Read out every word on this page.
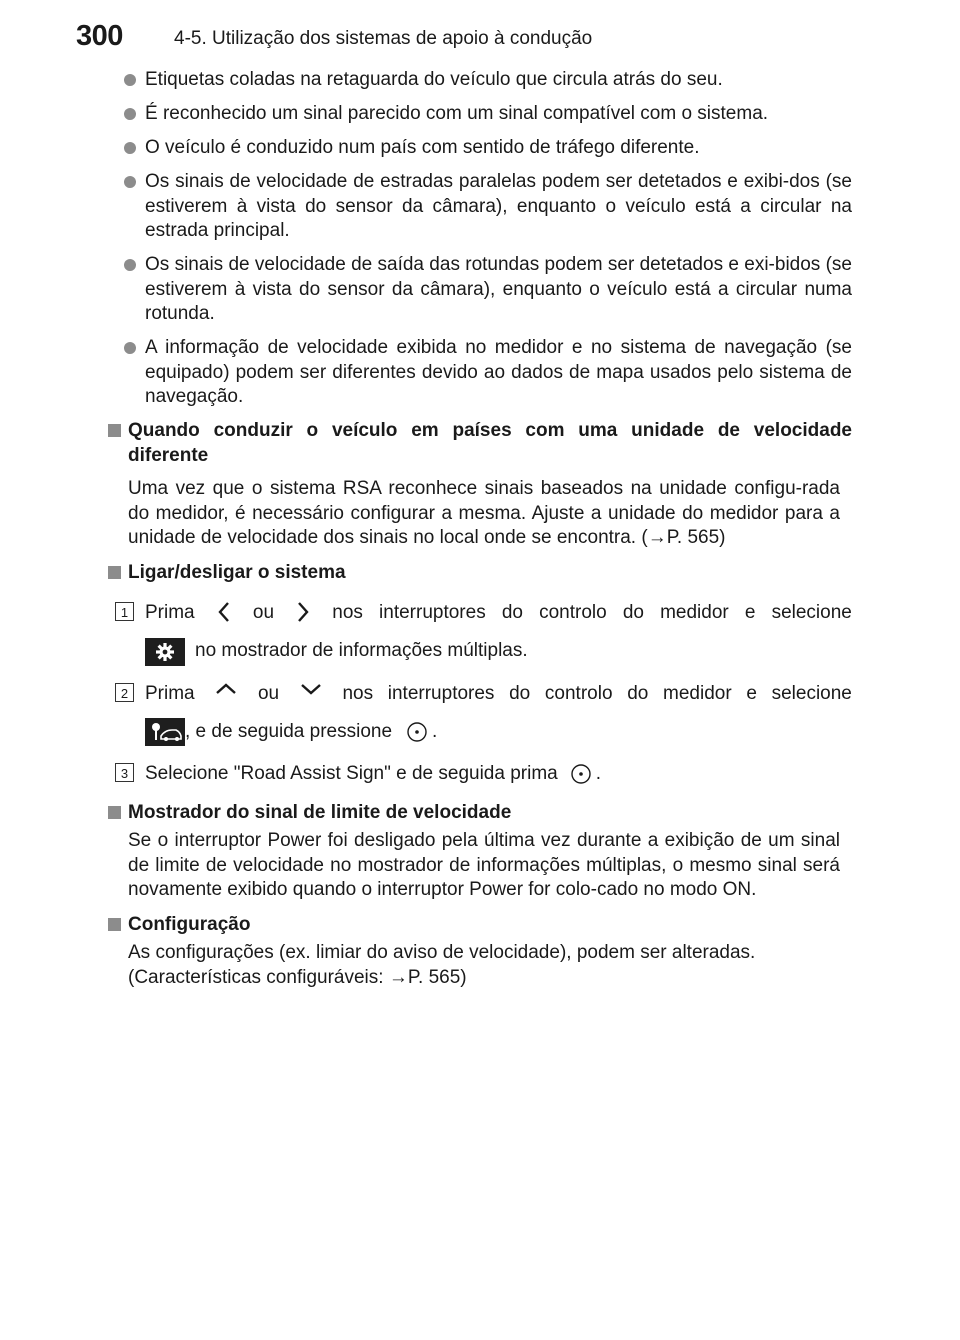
300	4-5. Utilização dos sistemas de apoio à condução
Etiquetas coladas na retaguarda do veículo que circula atrás do seu.
É reconhecido um sinal parecido com um sinal compatível com o sistema.
O veículo é conduzido num país com sentido de tráfego diferente.
Os sinais de velocidade de estradas paralelas podem ser detetados e exibi-dos (se estiverem à vista do sensor da câmara), enquanto o veículo está a circular na estrada principal.
Os sinais de velocidade de saída das rotundas podem ser detetados e exi-bidos (se estiverem à vista do sensor da câmara), enquanto o veículo está a circular numa rotunda.
A informação de velocidade exibida no medidor e no sistema de navegação (se equipado) podem ser diferentes devido ao dados de mapa usados pelo sistema de navegação.
Quando conduzir o veículo em países com uma unidade de velocidade diferente
Uma vez que o sistema RSA reconhece sinais baseados na unidade configu-rada do medidor, é necessário configurar a mesma. Ajuste a unidade do medidor para a unidade de velocidade dos sinais no local onde se encontra. (→P. 565)
Ligar/desligar o sistema
1 Prima	ou	nos interruptores do controlo do medidor e selecione
no mostrador de informações múltiplas.
2 Prima	ou	nos interruptores do controlo do medidor e selecione
, e de seguida pressione .
3 Selecione "Road Assist Sign" e de seguida prima .
Mostrador do sinal de limite de velocidade
Se o interruptor Power foi desligado pela última vez durante a exibição de um sinal de limite de velocidade no mostrador de informações múltiplas, o mesmo sinal será novamente exibido quando o interruptor Power for colo-cado no modo ON.
Configuração
As configurações (ex. limiar do aviso de velocidade), podem ser alteradas.
(Características configuráveis: →P. 565)
